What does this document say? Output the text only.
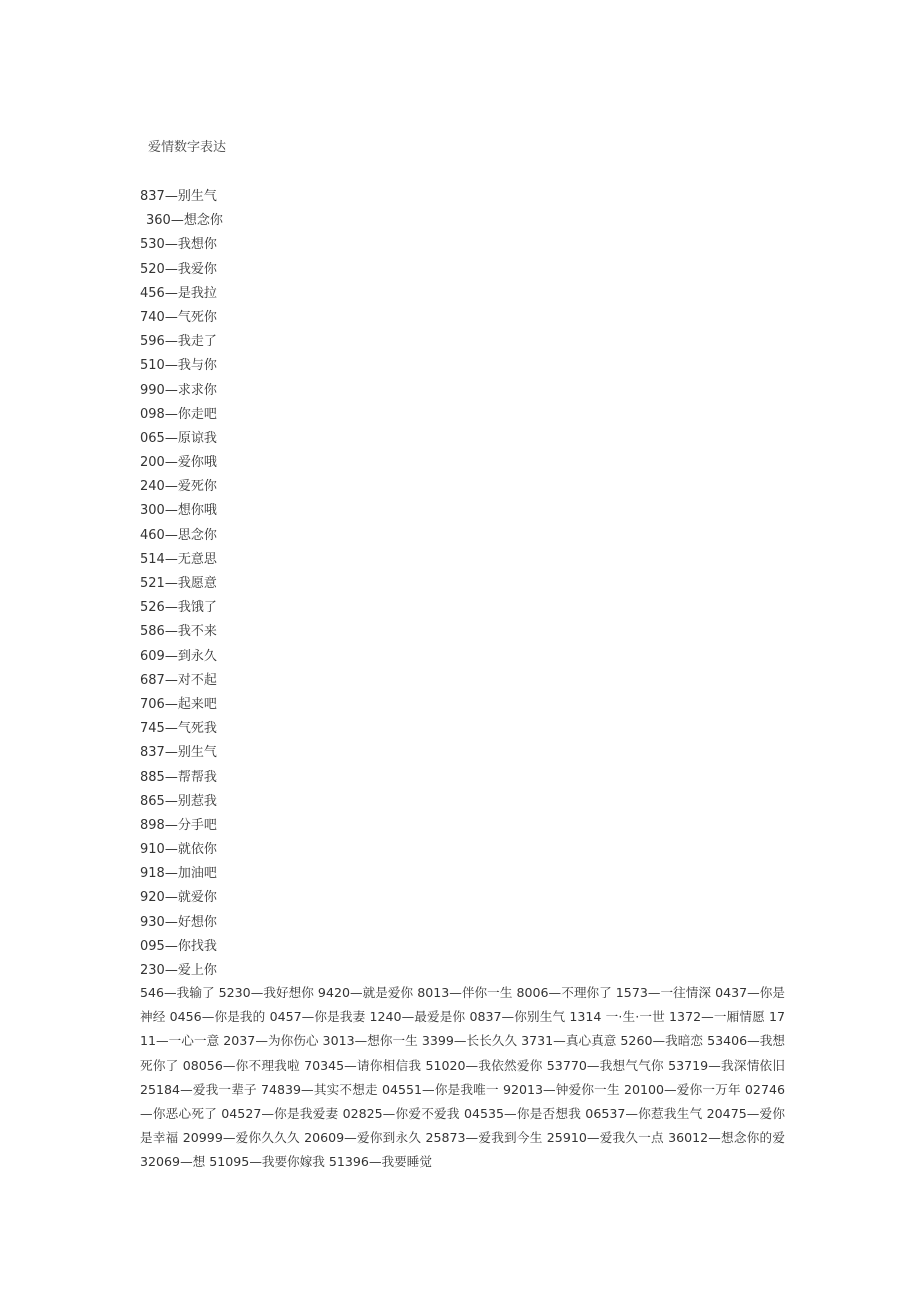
爱情数字表达
837—别生气
360—想念你
530—我想你
520—我爱你
456—是我拉
740—气死你
596—我走了
510—我与你
990—求求你
098—你走吧
065—原谅我
200—爱你哦
240—爱死你
300—想你哦
460—思念你
514—无意思
521—我愿意
526—我饿了
586—我不来
609—到永久
687—对不起
706—起来吧
745—气死我
837—别生气
885—帮帮我
865—别惹我
898—分手吧
910—就依你
918—加油吧
920—就爱你
930—好想你
095—你找我
230—爱上你

546—我输了 5230—我好想你 9420—就是爱你 8013—伴你一生 8006—不理你了 1573—一往情深 0437—你是神经 0456—你是我的 0457—你是我妻 1240—最爱是你 0837—你别生气 1314 一·生·一世 1372—一厢情愿 1711—一心一意 2037—为你伤心 3013—想你一生 3399—长长久久 3731—真心真意 5260—我暗恋 53406—我想死你了 08056—你不理我啦 70345—请你相信我 51020—我依然爱你 53770—我想气气你 53719—我深情依旧 25184—爱我一辈子 74839—其实不想走 04551—你是我唯一 92013—钟爱你一生 20100—爱你一万年 02746—你恶心死了 04527—你是我爱妻 02825—你爱不爱我 04535—你是否想我 06537—你惹我生气 20475—爱你是幸福 20999—爱你久久久 20609—爱你到永久 25873—爱我到今生 25910—爱我久一点 36012—想念你的爱 32069—想 51095—我要你嫁我 51396—我要睡觉
